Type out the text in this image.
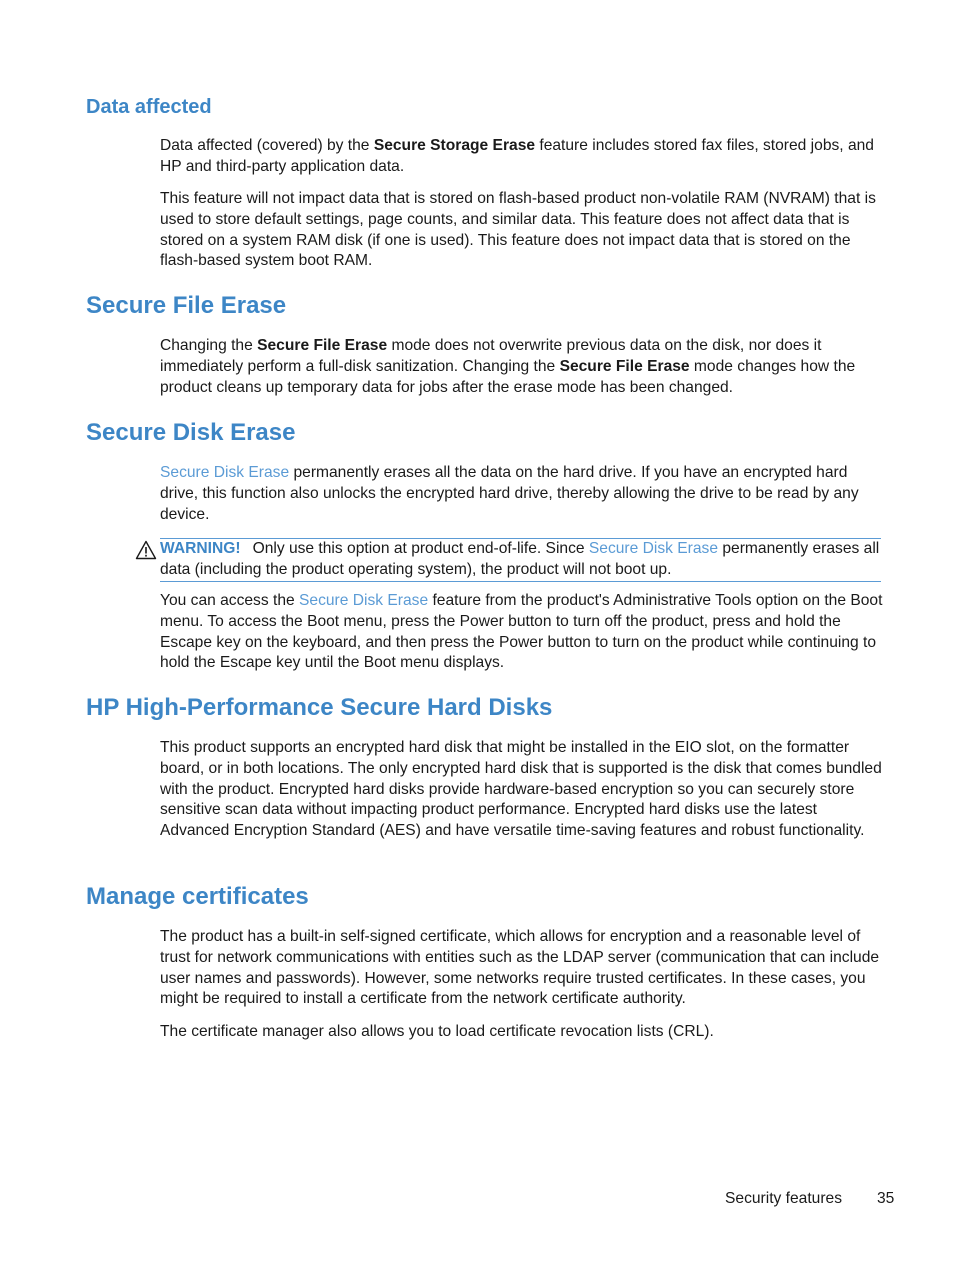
Data affected

Data affected (covered) by the Secure Storage Erase feature includes stored fax files, stored jobs, and HP and third-party application data.

This feature will not impact data that is stored on flash-based product non-volatile RAM (NVRAM) that is used to store default settings, page counts, and similar data. This feature does not affect data that is stored on a system RAM disk (if one is used). This feature does not impact data that is stored on the flash-based system boot RAM.

Secure File Erase

Changing the Secure File Erase mode does not overwrite previous data on the disk, nor does it immediately perform a full-disk sanitization. Changing the Secure File Erase mode changes how the product cleans up temporary data for jobs after the erase mode has been changed.

Secure Disk Erase

Secure Disk Erase permanently erases all the data on the hard drive. If you have an encrypted hard drive, this function also unlocks the encrypted hard drive, thereby allowing the drive to be read by any device.

WARNING! Only use this option at product end-of-life. Since Secure Disk Erase permanently erases all data (including the product operating system), the product will not boot up.

You can access the Secure Disk Erase feature from the product's Administrative Tools option on the Boot menu. To access the Boot menu, press the Power button to turn off the product, press and hold the Escape key on the keyboard, and then press the Power button to turn on the product while continuing to hold the Escape key until the Boot menu displays.

HP High-Performance Secure Hard Disks

This product supports an encrypted hard disk that might be installed in the EIO slot, on the formatter board, or in both locations. The only encrypted hard disk that is supported is the disk that comes bundled with the product. Encrypted hard disks provide hardware-based encryption so you can securely store sensitive scan data without impacting product performance. Encrypted hard disks use the latest Advanced Encryption Standard (AES) and have versatile time-saving features and robust functionality.

Manage certificates

The product has a built-in self-signed certificate, which allows for encryption and a reasonable level of trust for network communications with entities such as the LDAP server (communication that can include user names and passwords). However, some networks require trusted certificates. In these cases, you might be required to install a certificate from the network certificate authority.

The certificate manager also allows you to load certificate revocation lists (CRL).

Security features 35
